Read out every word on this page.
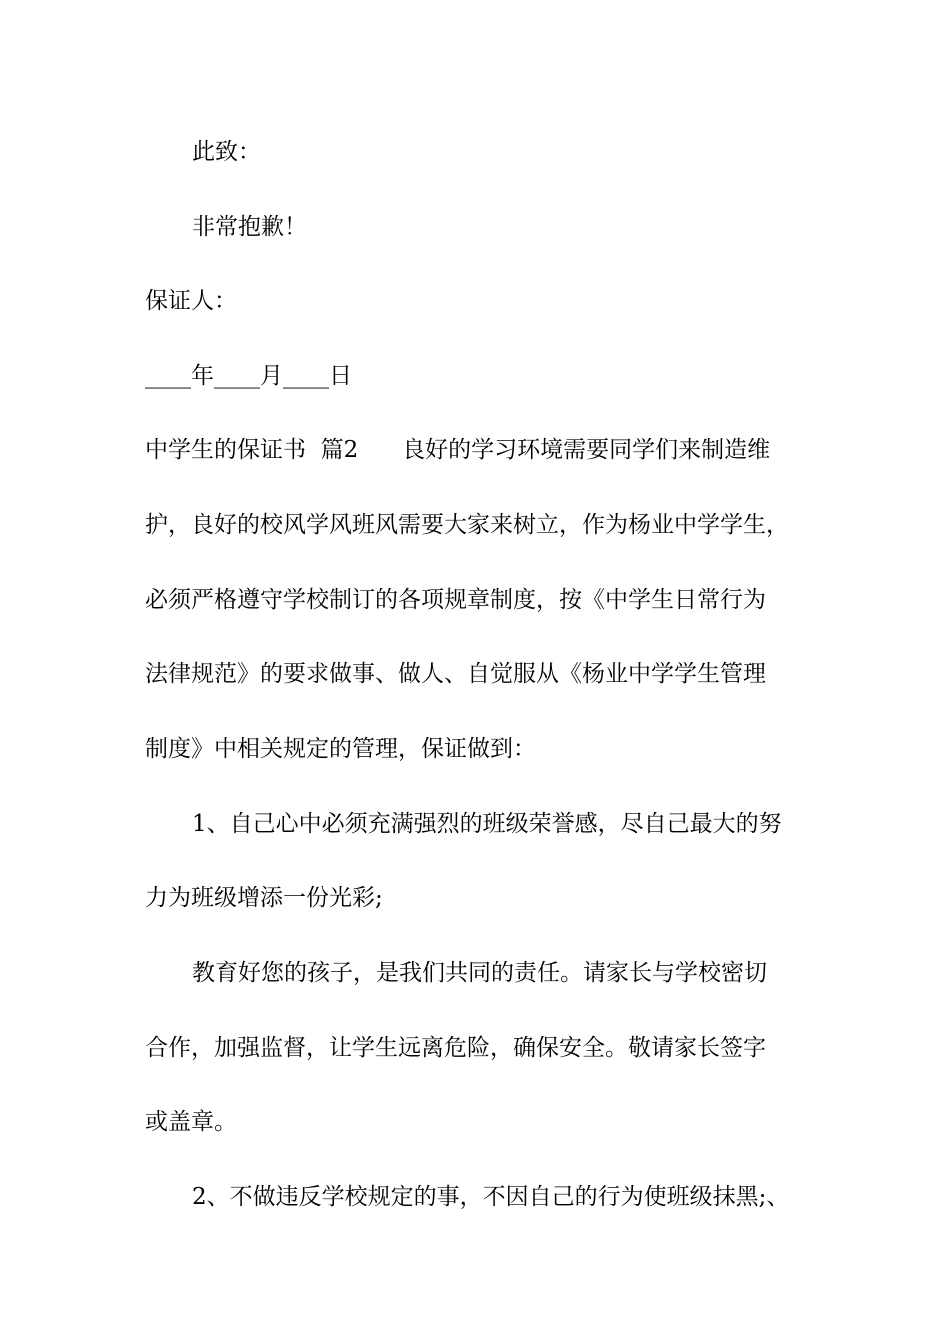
此致：
非常抱歉！
保证人：
____年____月____日
中学生的保证书  篇2      良好的学习环境需要同学们来制造维
护，良好的校风学风班风需要大家来树立，作为杨业中学学生，
必须严格遵守学校制订的各项规章制度，按《中学生日常行为
法律规范》的要求做事、做人、自觉服从《杨业中学学生管理
制度》中相关规定的管理，保证做到：
1、自己心中必须充满强烈的班级荣誉感，尽自己最大的努
力为班级增添一份光彩;
教育好您的孩子，是我们共同的责任。请家长与学校密切
合作，加强监督，让学生远离危险，确保安全。敬请家长签字
或盖章。
2、不做违反学校规定的事，不因自己的行为使班级抹黑;、
